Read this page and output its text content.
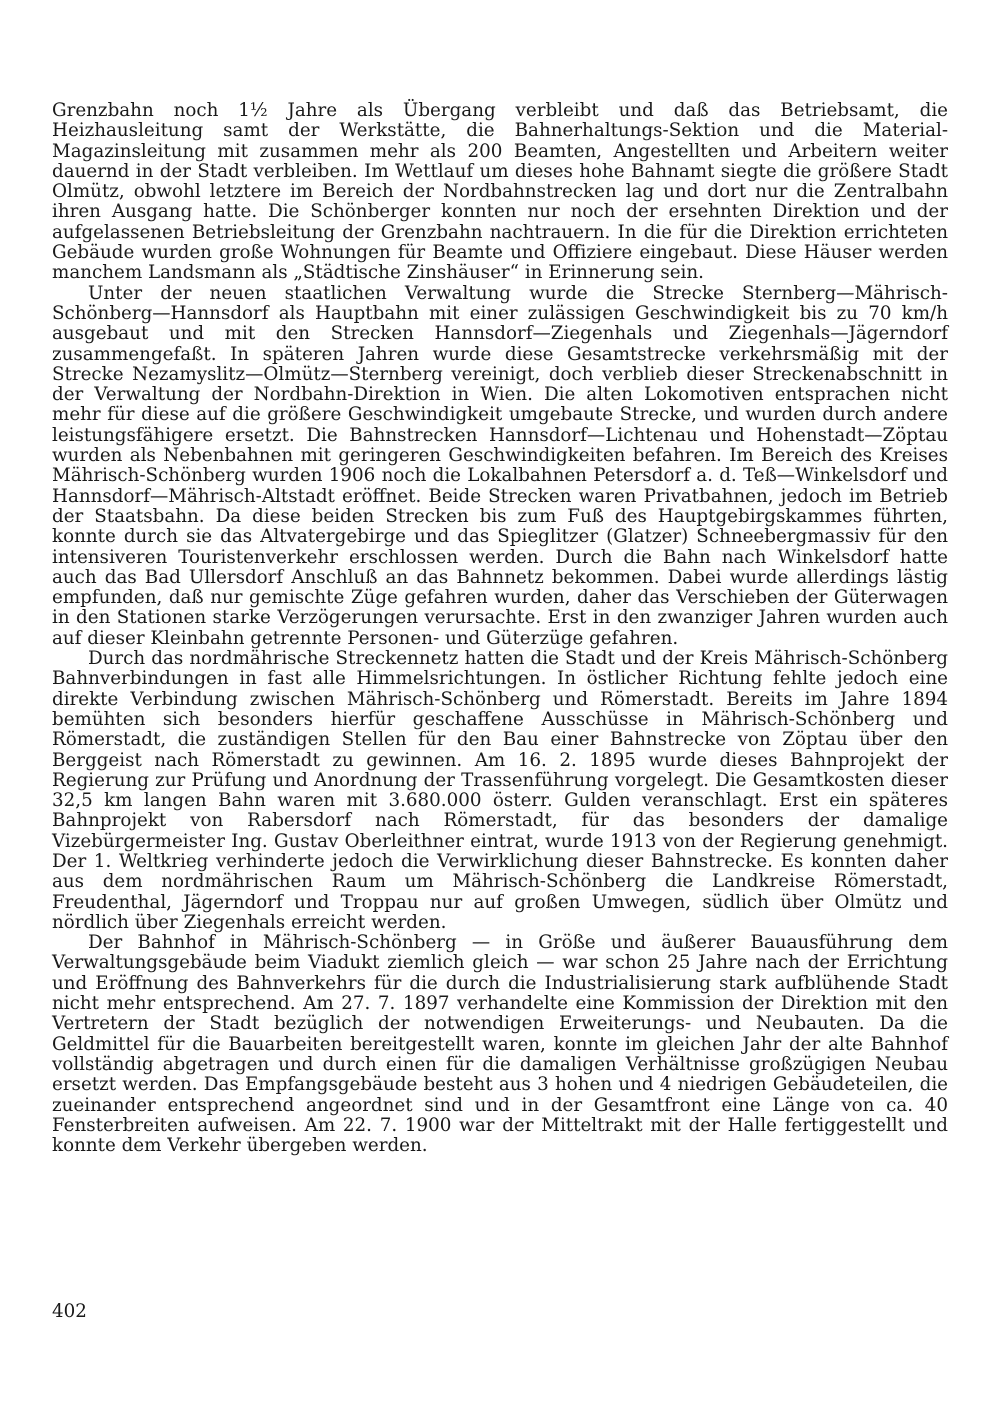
Grenzbahn noch 1½ Jahre als Übergang verbleibt und daß das Betriebsamt, die Heizhausleitung samt der Werkstätte, die Bahnerhaltungs-Sektion und die Material-Magazinsleitung mit zusammen mehr als 200 Beamten, Angestellten und Arbeitern weiter dauernd in der Stadt verbleiben. Im Wettlauf um dieses hohe Bahnamt siegte die größere Stadt Olmütz, obwohl letztere im Bereich der Nordbahnstrecken lag und dort nur die Zentralbahn ihren Ausgang hatte. Die Schönberger konnten nur noch der ersehnten Direktion und der aufgelassenen Betriebsleitung der Grenzbahn nachtrauern. In die für die Direktion errichteten Gebäude wurden große Wohnungen für Beamte und Offiziere eingebaut. Diese Häuser werden manchem Landsmann als „Städtische Zinshäuser“ in Erinnerung sein.

Unter der neuen staatlichen Verwaltung wurde die Strecke Sternberg—Mährisch-Schönberg—Hannsdorf als Hauptbahn mit einer zulässigen Geschwindigkeit bis zu 70 km/h ausgebaut und mit den Strecken Hannsdorf—Ziegenhals und Ziegenhals—Jägerndorf zusammengefaßt. In späteren Jahren wurde diese Gesamtstrecke verkehrsmäßig mit der Strecke Nezamyslitz—Olmütz—Sternberg vereinigt, doch verblieb dieser Streckenabschnitt in der Verwaltung der Nordbahn-Direktion in Wien. Die alten Lokomotiven entsprachen nicht mehr für diese auf die größere Geschwindigkeit umgebaute Strecke, und wurden durch andere leistungsfähigere ersetzt. Die Bahnstrecken Hannsdorf—Lichtenau und Hohenstadt—Zöptau wurden als Nebenbahnen mit geringeren Geschwindigkeiten befahren. Im Bereich des Kreises Mährisch-Schönberg wurden 1906 noch die Lokalbahnen Petersdorf a. d. Teß—Winkelsdorf und Hannsdorf—Mährisch-Altstadt eröffnet. Beide Strecken waren Privatbahnen, jedoch im Betrieb der Staatsbahn. Da diese beiden Strecken bis zum Fuß des Hauptgebirgskammes führten, konnte durch sie das Altvatergebirge und das Spieglitzer (Glatzer) Schneebergmassiv für den intensiveren Touristenverkehr erschlossen werden. Durch die Bahn nach Winkelsdorf hatte auch das Bad Ullersdorf Anschluß an das Bahnnetz bekommen. Dabei wurde allerdings lästig empfunden, daß nur gemischte Züge gefahren wurden, daher das Verschieben der Güterwagen in den Stationen starke Verzögerungen verursachte. Erst in den zwanziger Jahren wurden auch auf dieser Kleinbahn getrennte Personen- und Güterzüge gefahren.

Durch das nordmährische Streckennetz hatten die Stadt und der Kreis Mährisch-Schönberg Bahnverbindungen in fast alle Himmelsrichtungen. In östlicher Richtung fehlte jedoch eine direkte Verbindung zwischen Mährisch-Schönberg und Römerstadt. Bereits im Jahre 1894 bemühten sich besonders hierfür geschaffene Ausschüsse in Mährisch-Schönberg und Römerstadt, die zuständigen Stellen für den Bau einer Bahnstrecke von Zöptau über den Berggeist nach Römerstadt zu gewinnen. Am 16. 2. 1895 wurde dieses Bahnprojekt der Regierung zur Prüfung und Anordnung der Trassenführung vorgelegt. Die Gesamtkosten dieser 32,5 km langen Bahn waren mit 3.680.000 österr. Gulden veranschlagt. Erst ein späteres Bahnprojekt von Rabersdorf nach Römerstadt, für das besonders der damalige Vizebürgermeister Ing. Gustav Oberleithner eintrat, wurde 1913 von der Regierung genehmigt. Der 1. Weltkrieg verhinderte jedoch die Verwirklichung dieser Bahnstrecke. Es konnten daher aus dem nordmährischen Raum um Mährisch-Schönberg die Landkreise Römerstadt, Freudenthal, Jägerndorf und Troppau nur auf großen Umwegen, südlich über Olmütz und nördlich über Ziegenhals erreicht werden.

Der Bahnhof in Mährisch-Schönberg — in Größe und äußerer Bauausführung dem Verwaltungsgebäude beim Viadukt ziemlich gleich — war schon 25 Jahre nach der Errichtung und Eröffnung des Bahnverkehrs für die durch die Industrialisierung stark aufblühende Stadt nicht mehr entsprechend. Am 27. 7. 1897 verhandelte eine Kommission der Direktion mit den Vertretern der Stadt bezüglich der notwendigen Erweiterungs- und Neubauten. Da die Geldmittel für die Bauarbeiten bereitgestellt waren, konnte im gleichen Jahr der alte Bahnhof vollständig abgetragen und durch einen für die damaligen Verhältnisse großzügigen Neubau ersetzt werden. Das Empfangsgebäude besteht aus 3 hohen und 4 niedrigen Gebäudeteilen, die zueinander entsprechend angeordnet sind und in der Gesamtfront eine Länge von ca. 40 Fensterbreiten aufweisen. Am 22. 7. 1900 war der Mitteltrakt mit der Halle fertiggestellt und konnte dem Verkehr übergeben werden.

402
